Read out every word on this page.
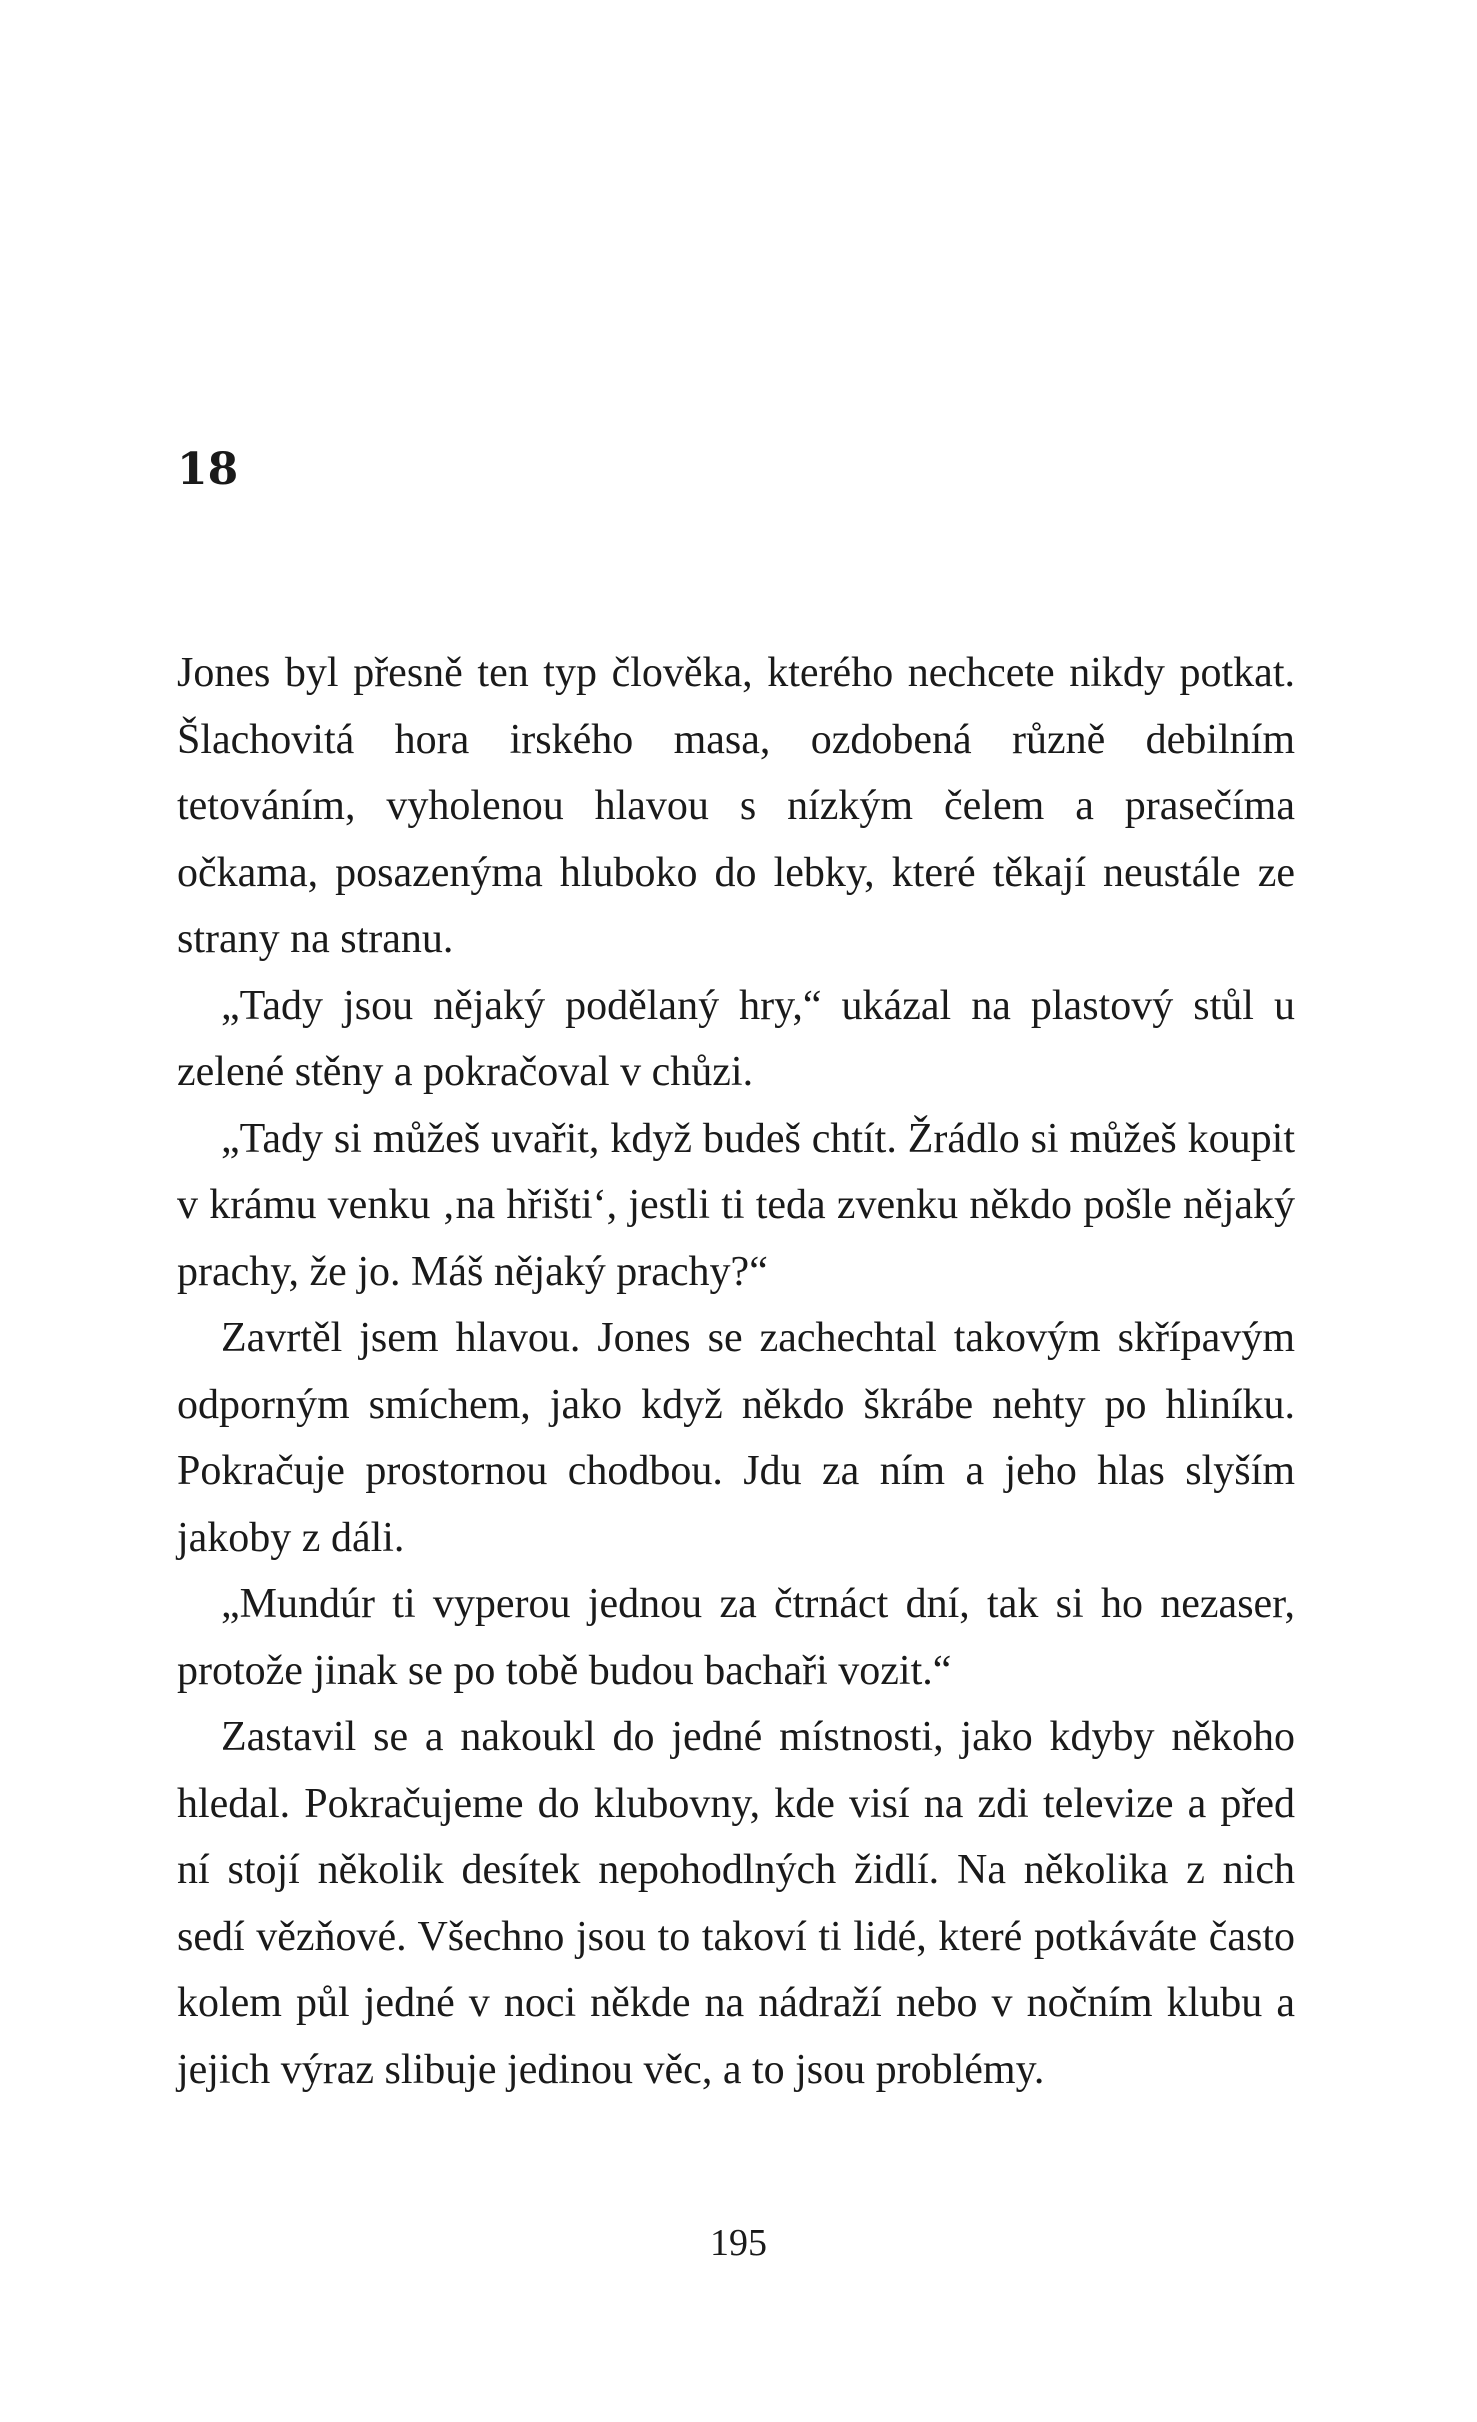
18

Jones byl přesně ten typ člověka, kterého nechcete nikdy potkat. Šlachovitá hora irského masa, ozdobená různě debilním tetováním, vyholenou hlavou s nízkým čelem a prasečíma očkama, posazenýma hluboko do lebky, které těkají neustále ze strany na stranu.

„Tady jsou nějaký podělaný hry,“ ukázal na plastový stůl u zelené stěny a pokračoval v chůzi.

„Tady si můžeš uvařit, když budeš chtít. Žrádlo si můžeš koupit v krámu venku ‚na hřišti‘, jestli ti teda zvenku někdo pošle nějaký prachy, že jo. Máš nějaký prachy?“

Zavrtěl jsem hlavou. Jones se zachechtal takovým skřípavým odporným smíchem, jako když někdo škrábe nehty po hliníku. Pokračuje prostornou chodbou. Jdu za ním a jeho hlas slyším jakoby z dáli.

„Mundúr ti vyperou jednou za čtrnáct dní, tak si ho nezaser, protože jinak se po tobě budou bachaři vozit.“

Zastavil se a nakoukl do jedné místnosti, jako kdyby někoho hledal. Pokračujeme do klubovny, kde visí na zdi televize a před ní stojí několik desítek nepohodlných židlí. Na několika z nich sedí vězňové. Všechno jsou to takoví ti lidé, které potkáváte často kolem půl jedné v noci někde na nádraží nebo v nočním klubu a jejich výraz slibuje jedinou věc, a to jsou problémy.

195
